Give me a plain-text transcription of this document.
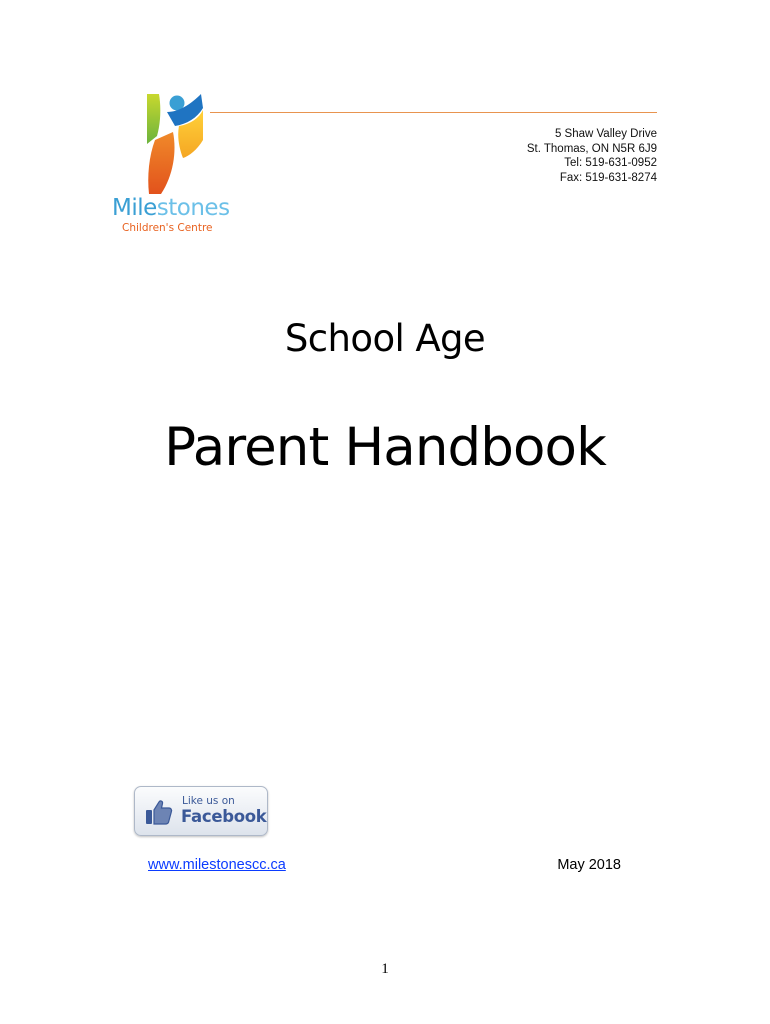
Milestones
Children's Centre
5 Shaw Valley Drive
St. Thomas, ON N5R 6J9
Tel: 519-631-0952
Fax: 519-631-8274
School Age
Parent Handbook
Like us on
Facebook
www.milestonescc.ca	May 2018
1
